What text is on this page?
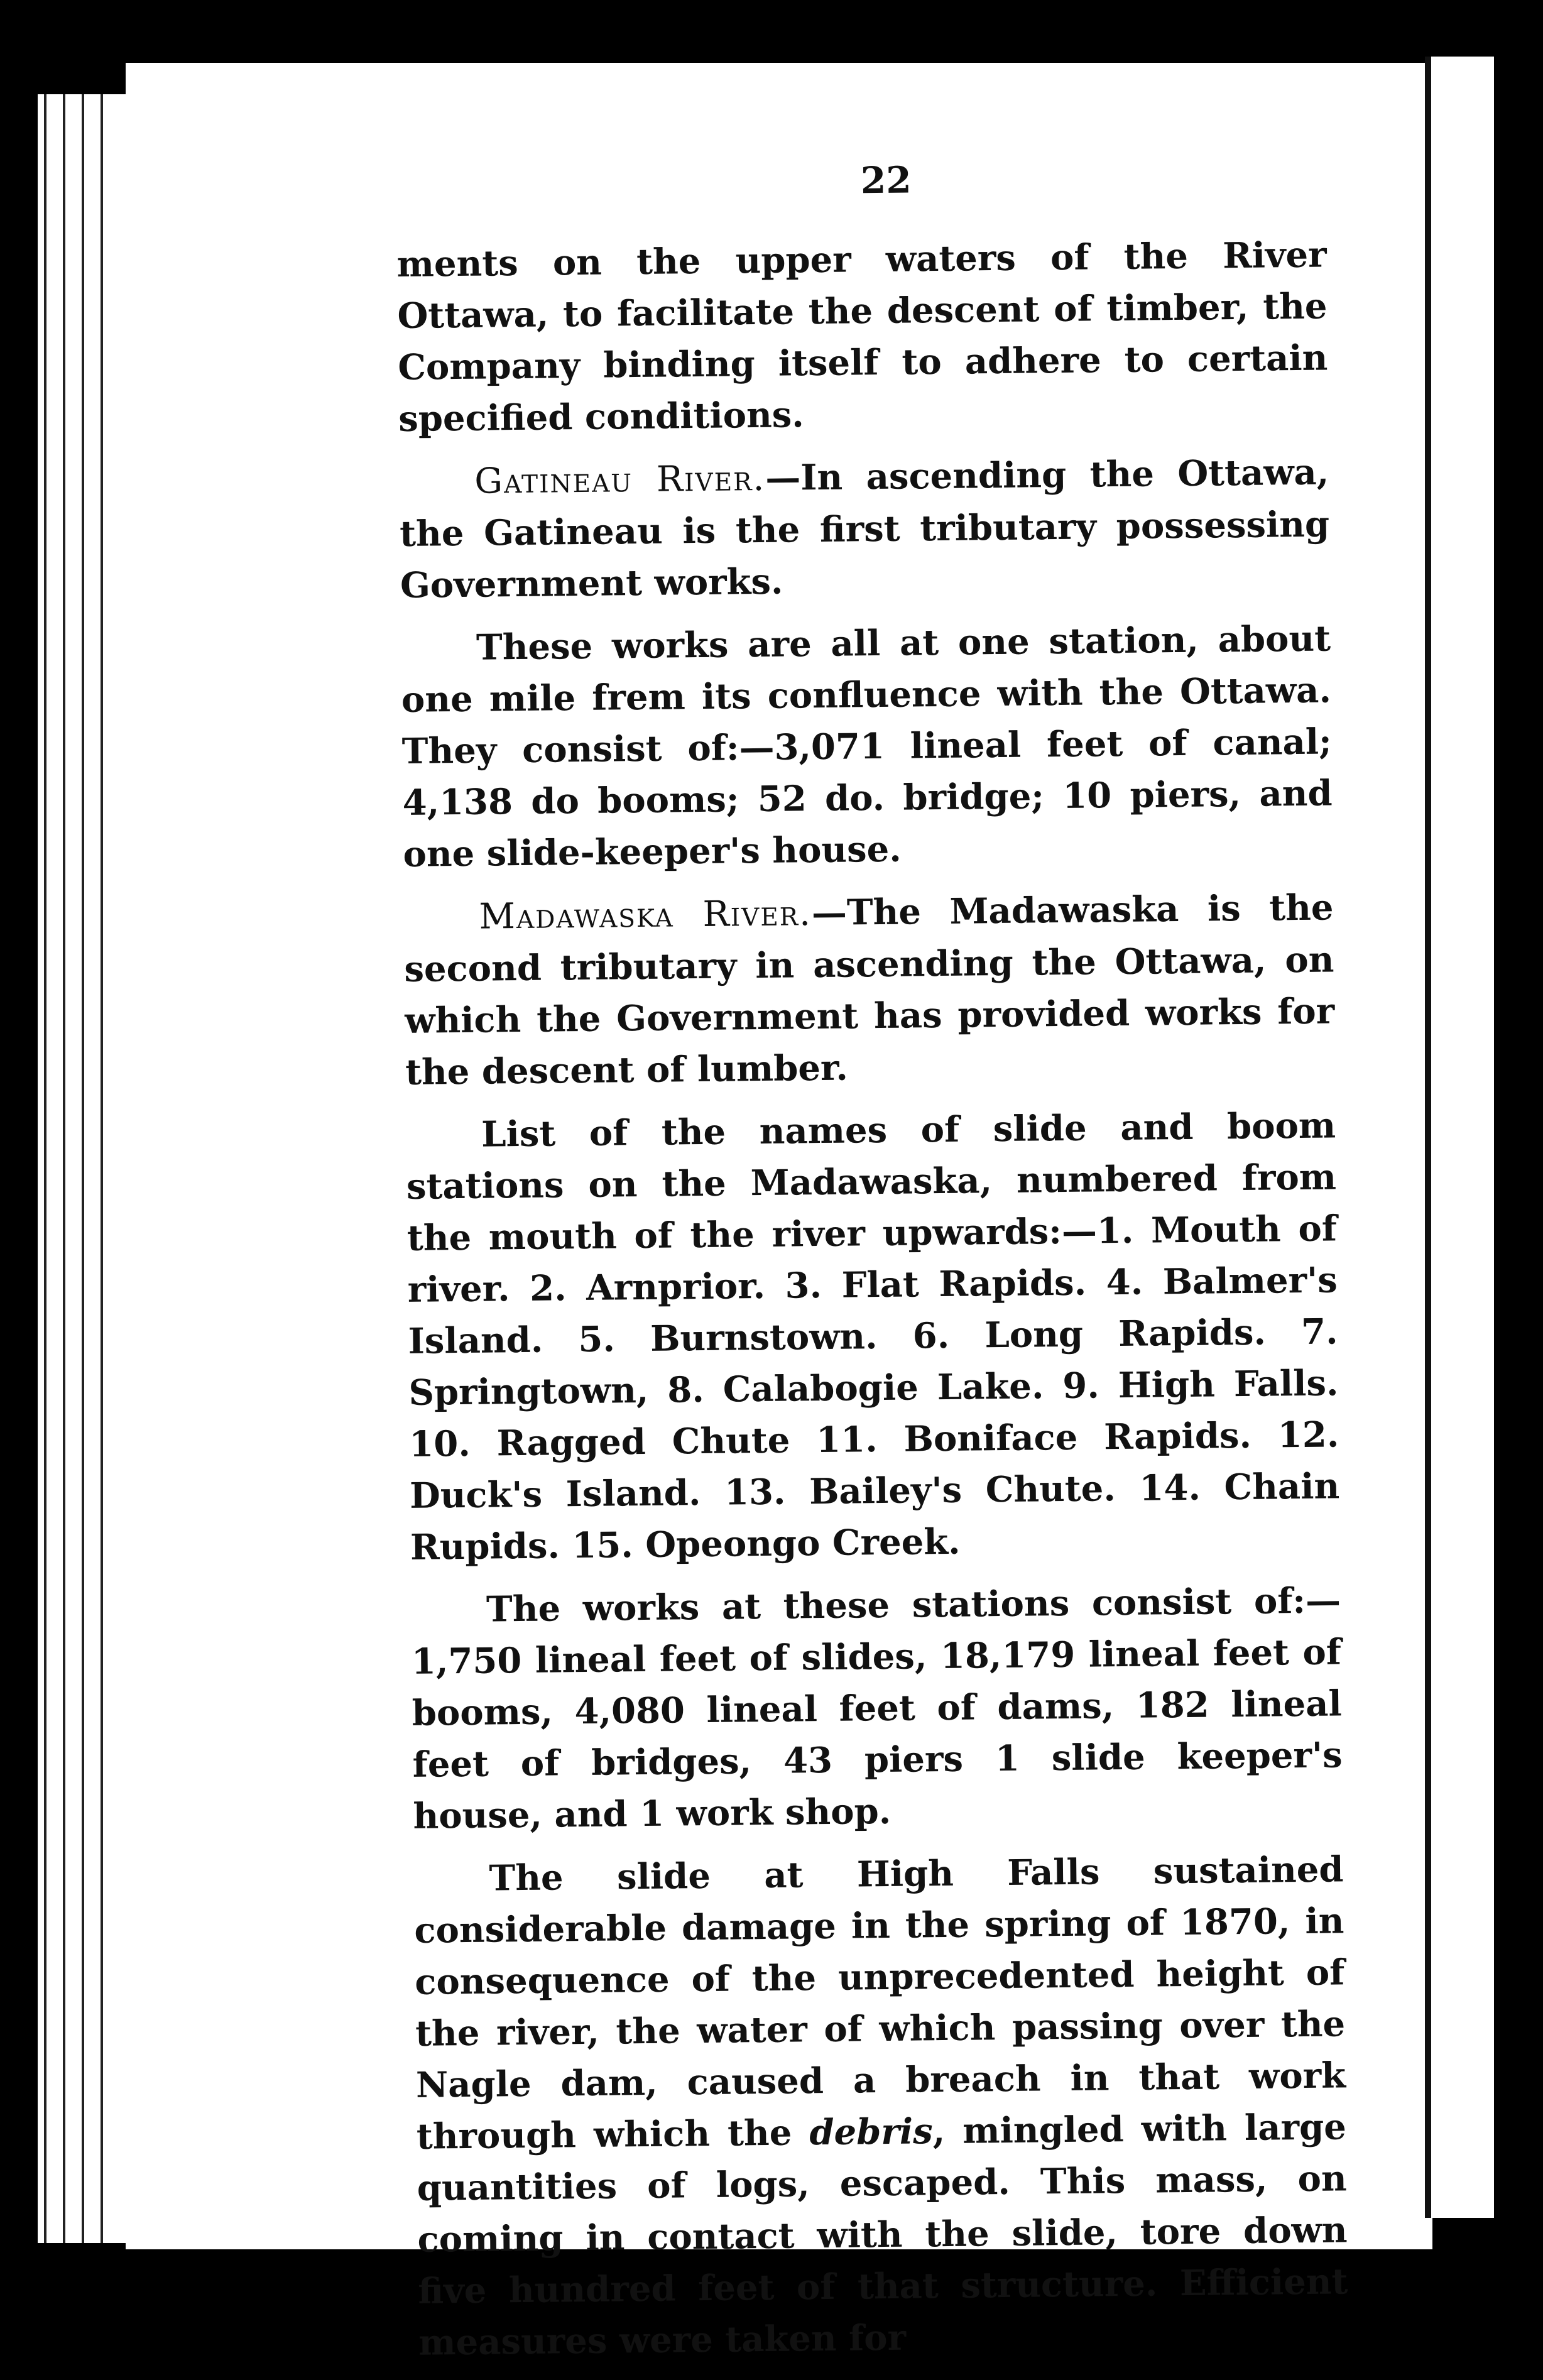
22

ments on the upper waters of the River Ottawa, to facilitate the descent of timber, the Company binding itself to adhere to certain specified conditions.

Gatineau River.—In ascending the Ottawa, the Gatineau is the first tributary possessing Government works.

These works are all at one station, about one mile frem its confluence with the Ottawa. They consist of:—3,071 lineal feet of canal; 4,138 do booms; 52 do. bridge; 10 piers, and one slide-keeper's house.

Madawaska River.—The Madawaska is the second tributary in ascending the Ottawa, on which the Government has provided works for the descent of lumber.

List of the names of slide and boom stations on the Madawaska, numbered from the mouth of the river upwards:—1. Mouth of river. 2. Arnprior. 3. Flat Rapids. 4. Balmer's Island. 5. Burnstown. 6. Long Rapids. 7. Springtown, 8. Calabogie Lake. 9. High Falls. 10. Ragged Chute 11. Boniface Rapids. 12. Duck's Island. 13. Bailey's Chute. 14. Chain Rupids. 15. Opeongo Creek.

The works at these stations consist of:—1,750 lineal feet of slides, 18,179 lineal feet of booms, 4,080 lineal feet of dams, 182 lineal feet of bridges, 43 piers 1 slide keeper's house, and 1 work shop.

The slide at High Falls sustained considerable damage in the spring of 1870, in consequence of the unprecedented height of the river, the water of which passing over the Nagle dam, caused a breach in that work through which the debris, mingled with large quantities of logs, escaped. This mass, on coming in contact with the slide, tore down five hundred feet of that structure. Efficient measures were taken for
